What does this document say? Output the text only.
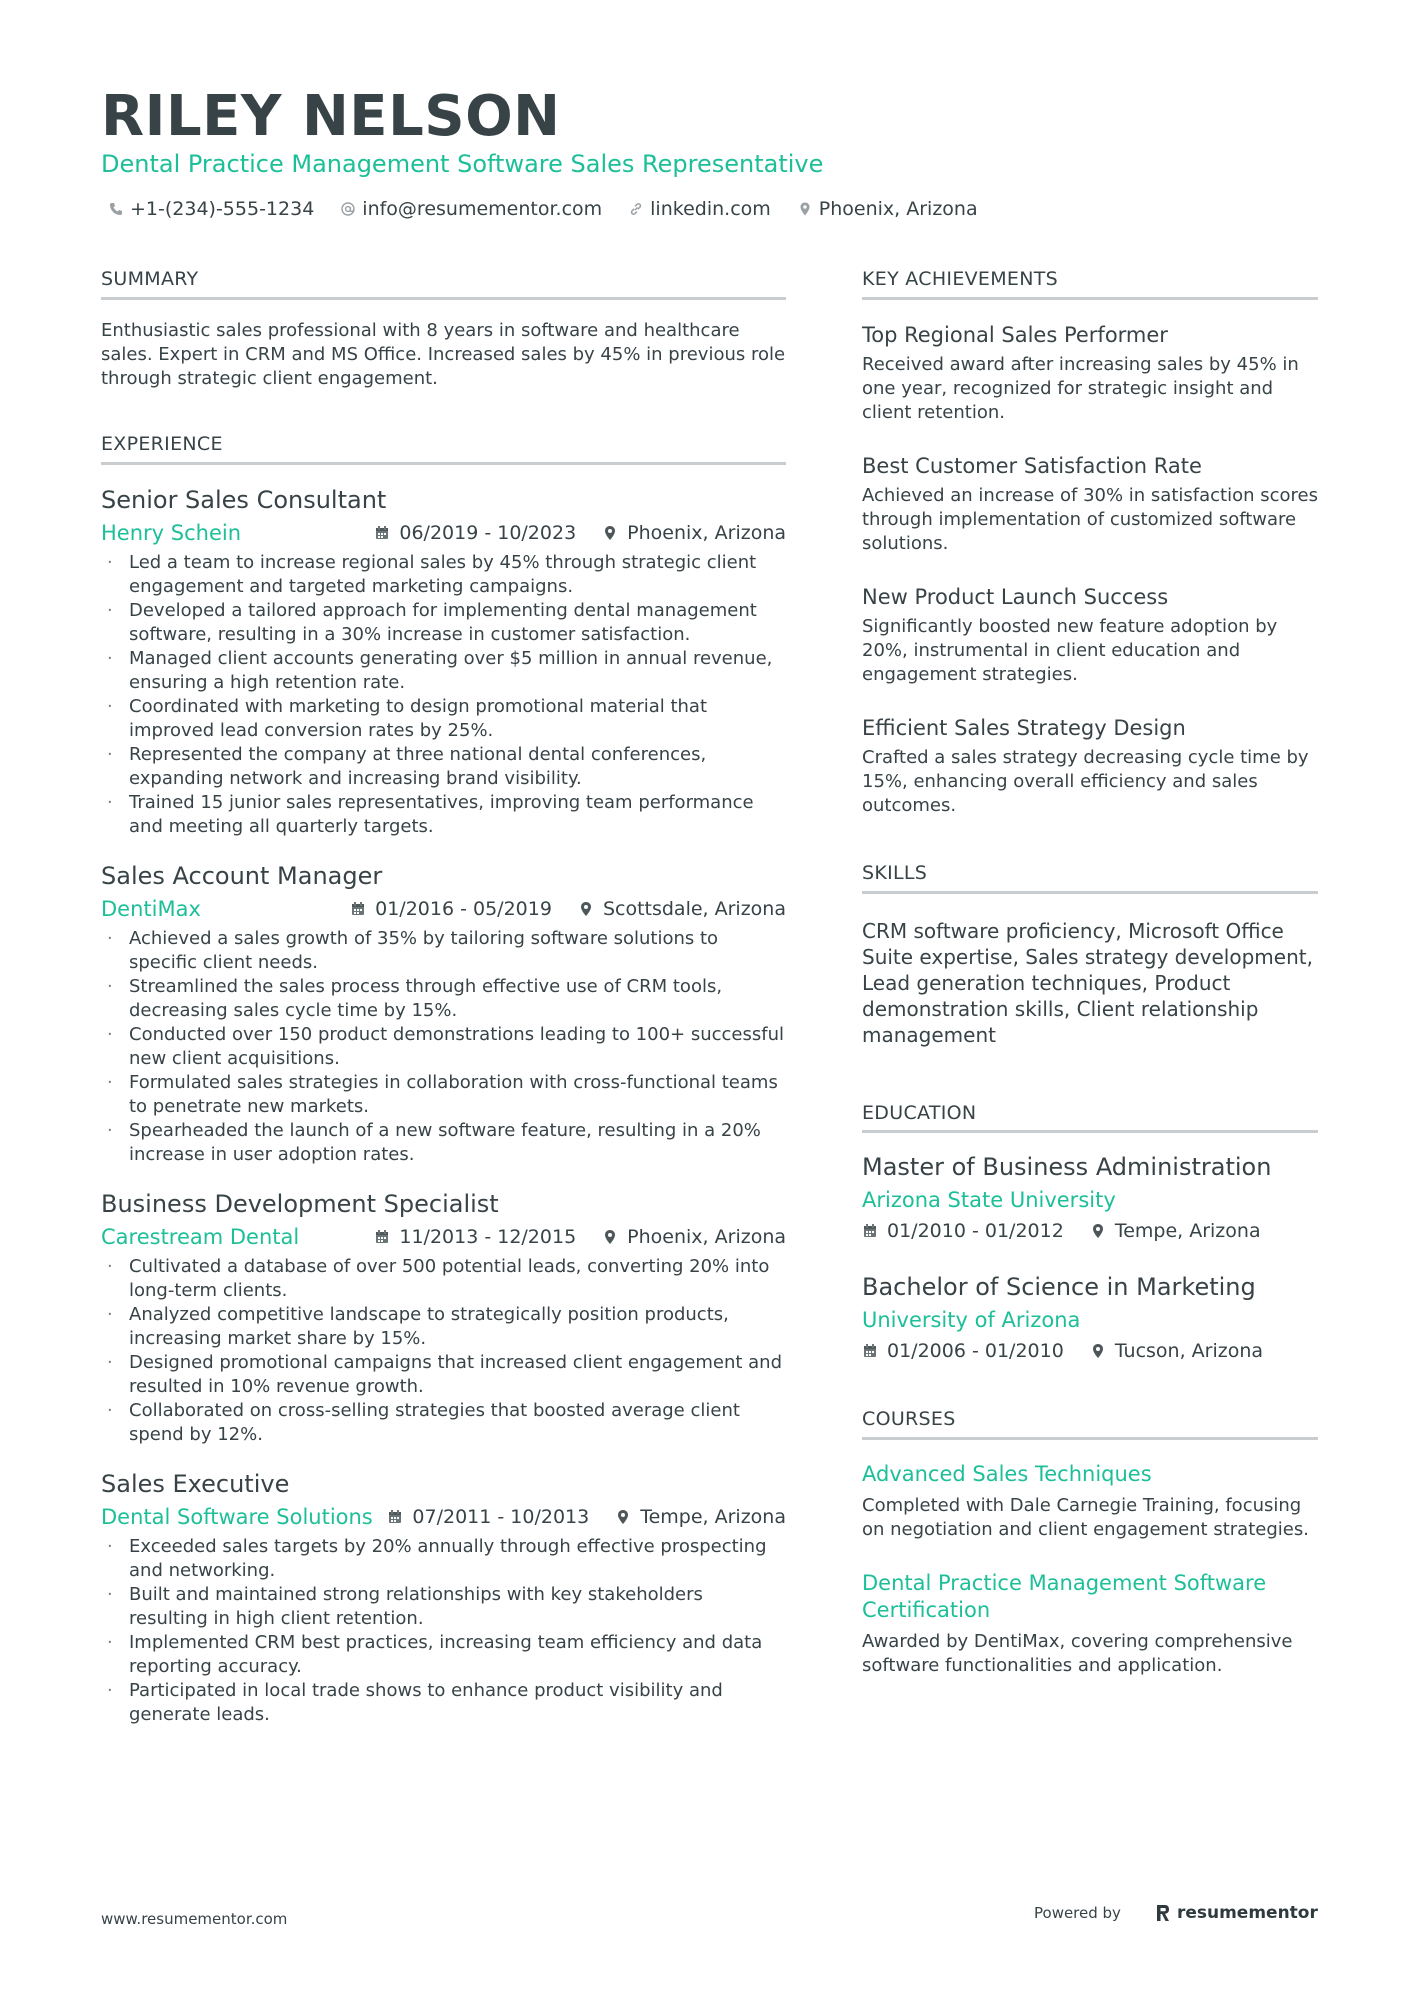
RILEY NELSON
Dental Practice Management Software Sales Representative
+1-(234)-555-1234	info@resumementor.com	linkedin.com	Phoenix, Arizona
SUMMARY

Enthusiastic sales professional with 8 years in software and healthcare sales. Expert in CRM and MS Office. Increased sales by 45% in previous role through strategic client engagement.

EXPERIENCE
Senior Sales Consultant
Henry Schein	06/2019 - 10/2023	Phoenix, Arizona
· Led a team to increase regional sales by 45% through strategic client engagement and targeted marketing campaigns.
· Developed a tailored approach for implementing dental management software, resulting in a 30% increase in customer satisfaction.
· Managed client accounts generating over $5 million in annual revenue, ensuring a high retention rate.
· Coordinated with marketing to design promotional material that improved lead conversion rates by 25%.
· Represented the company at three national dental conferences, expanding network and increasing brand visibility.
· Trained 15 junior sales representatives, improving team performance and meeting all quarterly targets.
Sales Account Manager
DentiMax	01/2016 - 05/2019	Scottsdale, Arizona
· Achieved a sales growth of 35% by tailoring software solutions to specific client needs.
· Streamlined the sales process through effective use of CRM tools, decreasing sales cycle time by 15%.
· Conducted over 150 product demonstrations leading to 100+ successful new client acquisitions.
· Formulated sales strategies in collaboration with cross-functional teams to penetrate new markets.
· Spearheaded the launch of a new software feature, resulting in a 20% increase in user adoption rates.
Business Development Specialist
Carestream Dental	11/2013 - 12/2015	Phoenix, Arizona
· Cultivated a database of over 500 potential leads, converting 20% into long-term clients.
· Analyzed competitive landscape to strategically position products, increasing market share by 15%.
· Designed promotional campaigns that increased client engagement and resulted in 10% revenue growth.
· Collaborated on cross-selling strategies that boosted average client spend by 12%.
Sales Executive
Dental Software Solutions 07/2011 - 10/2013	Tempe, Arizona
· Exceeded sales targets by 20% annually through effective prospecting and networking.
· Built and maintained strong relationships with key stakeholders resulting in high client retention.
· Implemented CRM best practices, increasing team efficiency and data reporting accuracy.
· Participated in local trade shows to enhance product visibility and generate leads.
KEY ACHIEVEMENTS
Top Regional Sales Performer
Received award after increasing sales by 45% in one year, recognized for strategic insight and client retention.
Best Customer Satisfaction Rate
Achieved an increase of 30% in satisfaction scores through implementation of customized software solutions.
New Product Launch Success
Significantly boosted new feature adoption by 20%, instrumental in client education and engagement strategies.
Efficient Sales Strategy Design
Crafted a sales strategy decreasing cycle time by 15%, enhancing overall efficiency and sales outcomes.
SKILLS

CRM software proficiency, Microsoft Office Suite expertise, Sales strategy development, Lead generation techniques, Product demonstration skills, Client relationship management

EDUCATION
Master of Business Administration
Arizona State University
01/2010 - 01/2012	Tempe, Arizona
Bachelor of Science in Marketing
University of Arizona
01/2006 - 01/2010	Tucson, Arizona
COURSES
Advanced Sales Techniques
Completed with Dale Carnegie Training, focusing on negotiation and client engagement strategies.
Dental Practice Management Software Certification
Awarded by DentiMax, covering comprehensive software functionalities and application.
www.resumementor.com	Powered by	resumementor
